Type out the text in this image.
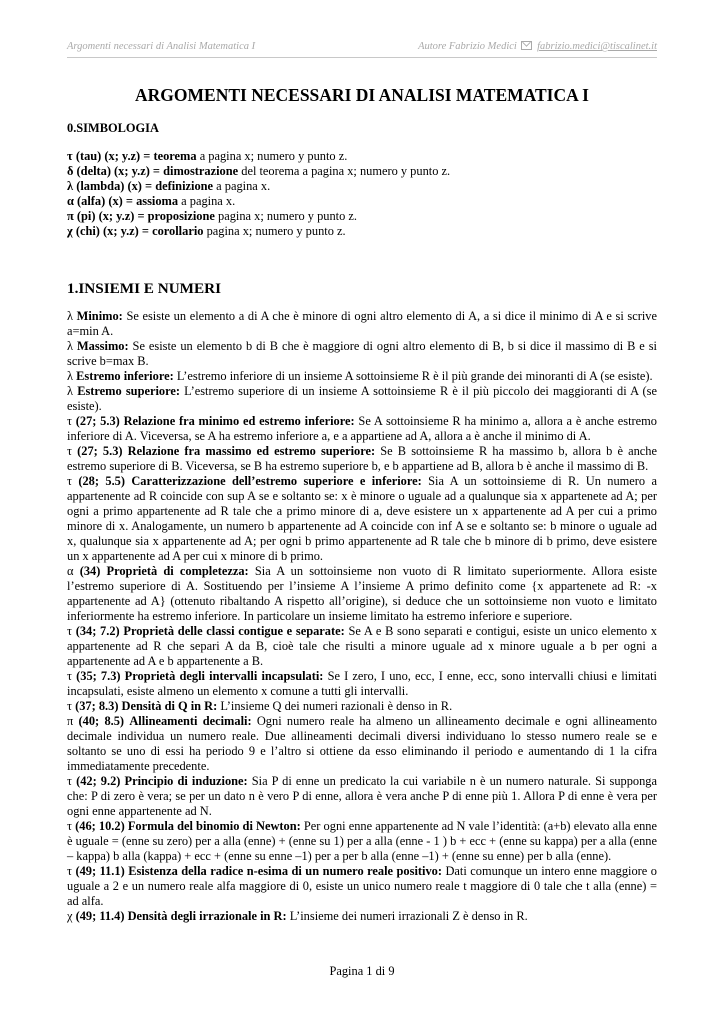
Argomenti necessari di Analisi Matematica I	Autore Fabrizio Medici fabrizio.medici@tiscalinet.it
ARGOMENTI NECESSARI DI ANALISI MATEMATICA I
0.SIMBOLOGIA
τ (tau) (x; y.z) = teorema a pagina x; numero y punto z.
δ (delta) (x; y.z) = dimostrazione del teorema a pagina x; numero y punto z.
λ (lambda) (x) = definizione a pagina x.
α (alfa) (x) = assioma a pagina x.
π (pi) (x; y.z) = proposizione pagina x; numero y punto z.
χ (chi) (x; y.z) = corollario pagina x; numero y punto z.
1.INSIEMI E NUMERI

λ Minimo: Se esiste un elemento a di A che è minore di ogni altro elemento di A, a si dice il minimo di A e si scrive a=min A.

λ Massimo: Se esiste un elemento b di B che è maggiore di ogni altro elemento di B, b si dice il massimo di B e si scrive b=max B.

λ Estremo inferiore: L’estremo inferiore di un insieme A sottoinsieme R è il più grande dei minoranti di A (se esiste).

λ Estremo superiore: L’estremo superiore di un insieme A sottoinsieme R è il più piccolo dei maggioranti di A (se esiste).

τ (27; 5.3) Relazione fra minimo ed estremo inferiore: Se A sottoinsieme R ha minimo a, allora a è anche estremo inferiore di A. Viceversa, se A ha estremo inferiore a, e a appartiene ad A, allora a è anche il minimo di A.

τ (27; 5.3) Relazione fra massimo ed estremo superiore: Se B sottoinsieme R ha massimo b, allora b è anche estremo superiore di B. Viceversa, se B ha estremo superiore b, e b appartiene ad B, allora b è anche il massimo di B.

τ (28; 5.5) Caratterizzazione dell’estremo superiore e inferiore: Sia A un sottoinsieme di R. Un numero a appartenente ad R coincide con sup A se e soltanto se: x è minore o uguale ad a qualunque sia x appartenete ad A; per ogni a primo appartenente ad R tale che a primo minore di a, deve esistere un x appartenente ad A per cui a primo minore di x. Analogamente, un numero b appartenente ad A coincide con inf A se e soltanto se: b minore o uguale ad x, qualunque sia x appartenente ad A; per ogni b primo appartenente ad R tale che b minore di b primo, deve esistere un x appartenente ad A per cui x minore di b primo.

α (34) Proprietà di completezza: Sia A un sottoinsieme non vuoto di R limitato superiormente. Allora esiste l’estremo superiore di A. Sostituendo per l’insieme A l’insieme A primo definito come {x appartenete ad R: -x appartenente ad A} (ottenuto ribaltando A rispetto all’origine), si deduce che un sottoinsieme non vuoto e limitato inferiormente ha estremo inferiore. In particolare un insieme limitato ha estremo inferiore e superiore.

τ (34; 7.2) Proprietà delle classi contigue e separate: Se A e B sono separati e contigui, esiste un unico elemento x appartenente ad R che separi A da B, cioè tale che risulti a minore uguale ad x minore uguale a b per ogni a appartenente ad A e b appartenente a B.

τ (35; 7.3) Proprietà degli intervalli incapsulati: Se I zero, I uno, ecc, I enne, ecc, sono intervalli chiusi e limitati incapsulati, esiste almeno un elemento x comune a tutti gli intervalli.

τ (37; 8.3) Densità di Q in R: L’insieme Q dei numeri razionali è denso in R.

π (40; 8.5) Allineamenti decimali: Ogni numero reale ha almeno un allineamento decimale e ogni allineamento decimale individua un numero reale. Due allineamenti decimali diversi individuano lo stesso numero reale se e soltanto se uno di essi ha periodo 9 e l’altro si ottiene da esso eliminando il periodo e aumentando di 1 la cifra immediatamente precedente.

τ (42; 9.2) Principio di induzione: Sia P di enne un predicato la cui variabile n è un numero naturale. Si supponga che: P di zero è vera; se per un dato n è vero P di enne, allora è vera anche P di enne più 1. Allora P di enne è vera per ogni enne appartenente ad N.

τ (46; 10.2) Formula del binomio di Newton: Per ogni enne appartenente ad N vale l’identità: (a+b) elevato alla enne è uguale = (enne su zero) per a alla (enne) + (enne su 1) per a alla (enne - 1 ) b + ecc + (enne su kappa) per a alla (enne – kappa) b alla (kappa) + ecc + (enne su enne –1) per a per b alla (enne –1) + (enne su enne) per b alla (enne).

τ (49; 11.1) Esistenza della radice n-esima di un numero reale positivo: Dati comunque un intero enne maggiore o uguale a 2 e un numero reale alfa maggiore di 0, esiste un unico numero reale t maggiore di 0 tale che t alla (enne) = ad alfa.

χ (49; 11.4) Densità degli irrazionale in R: L’insieme dei numeri irrazionali Z è denso in R.

Pagina 1 di 9
